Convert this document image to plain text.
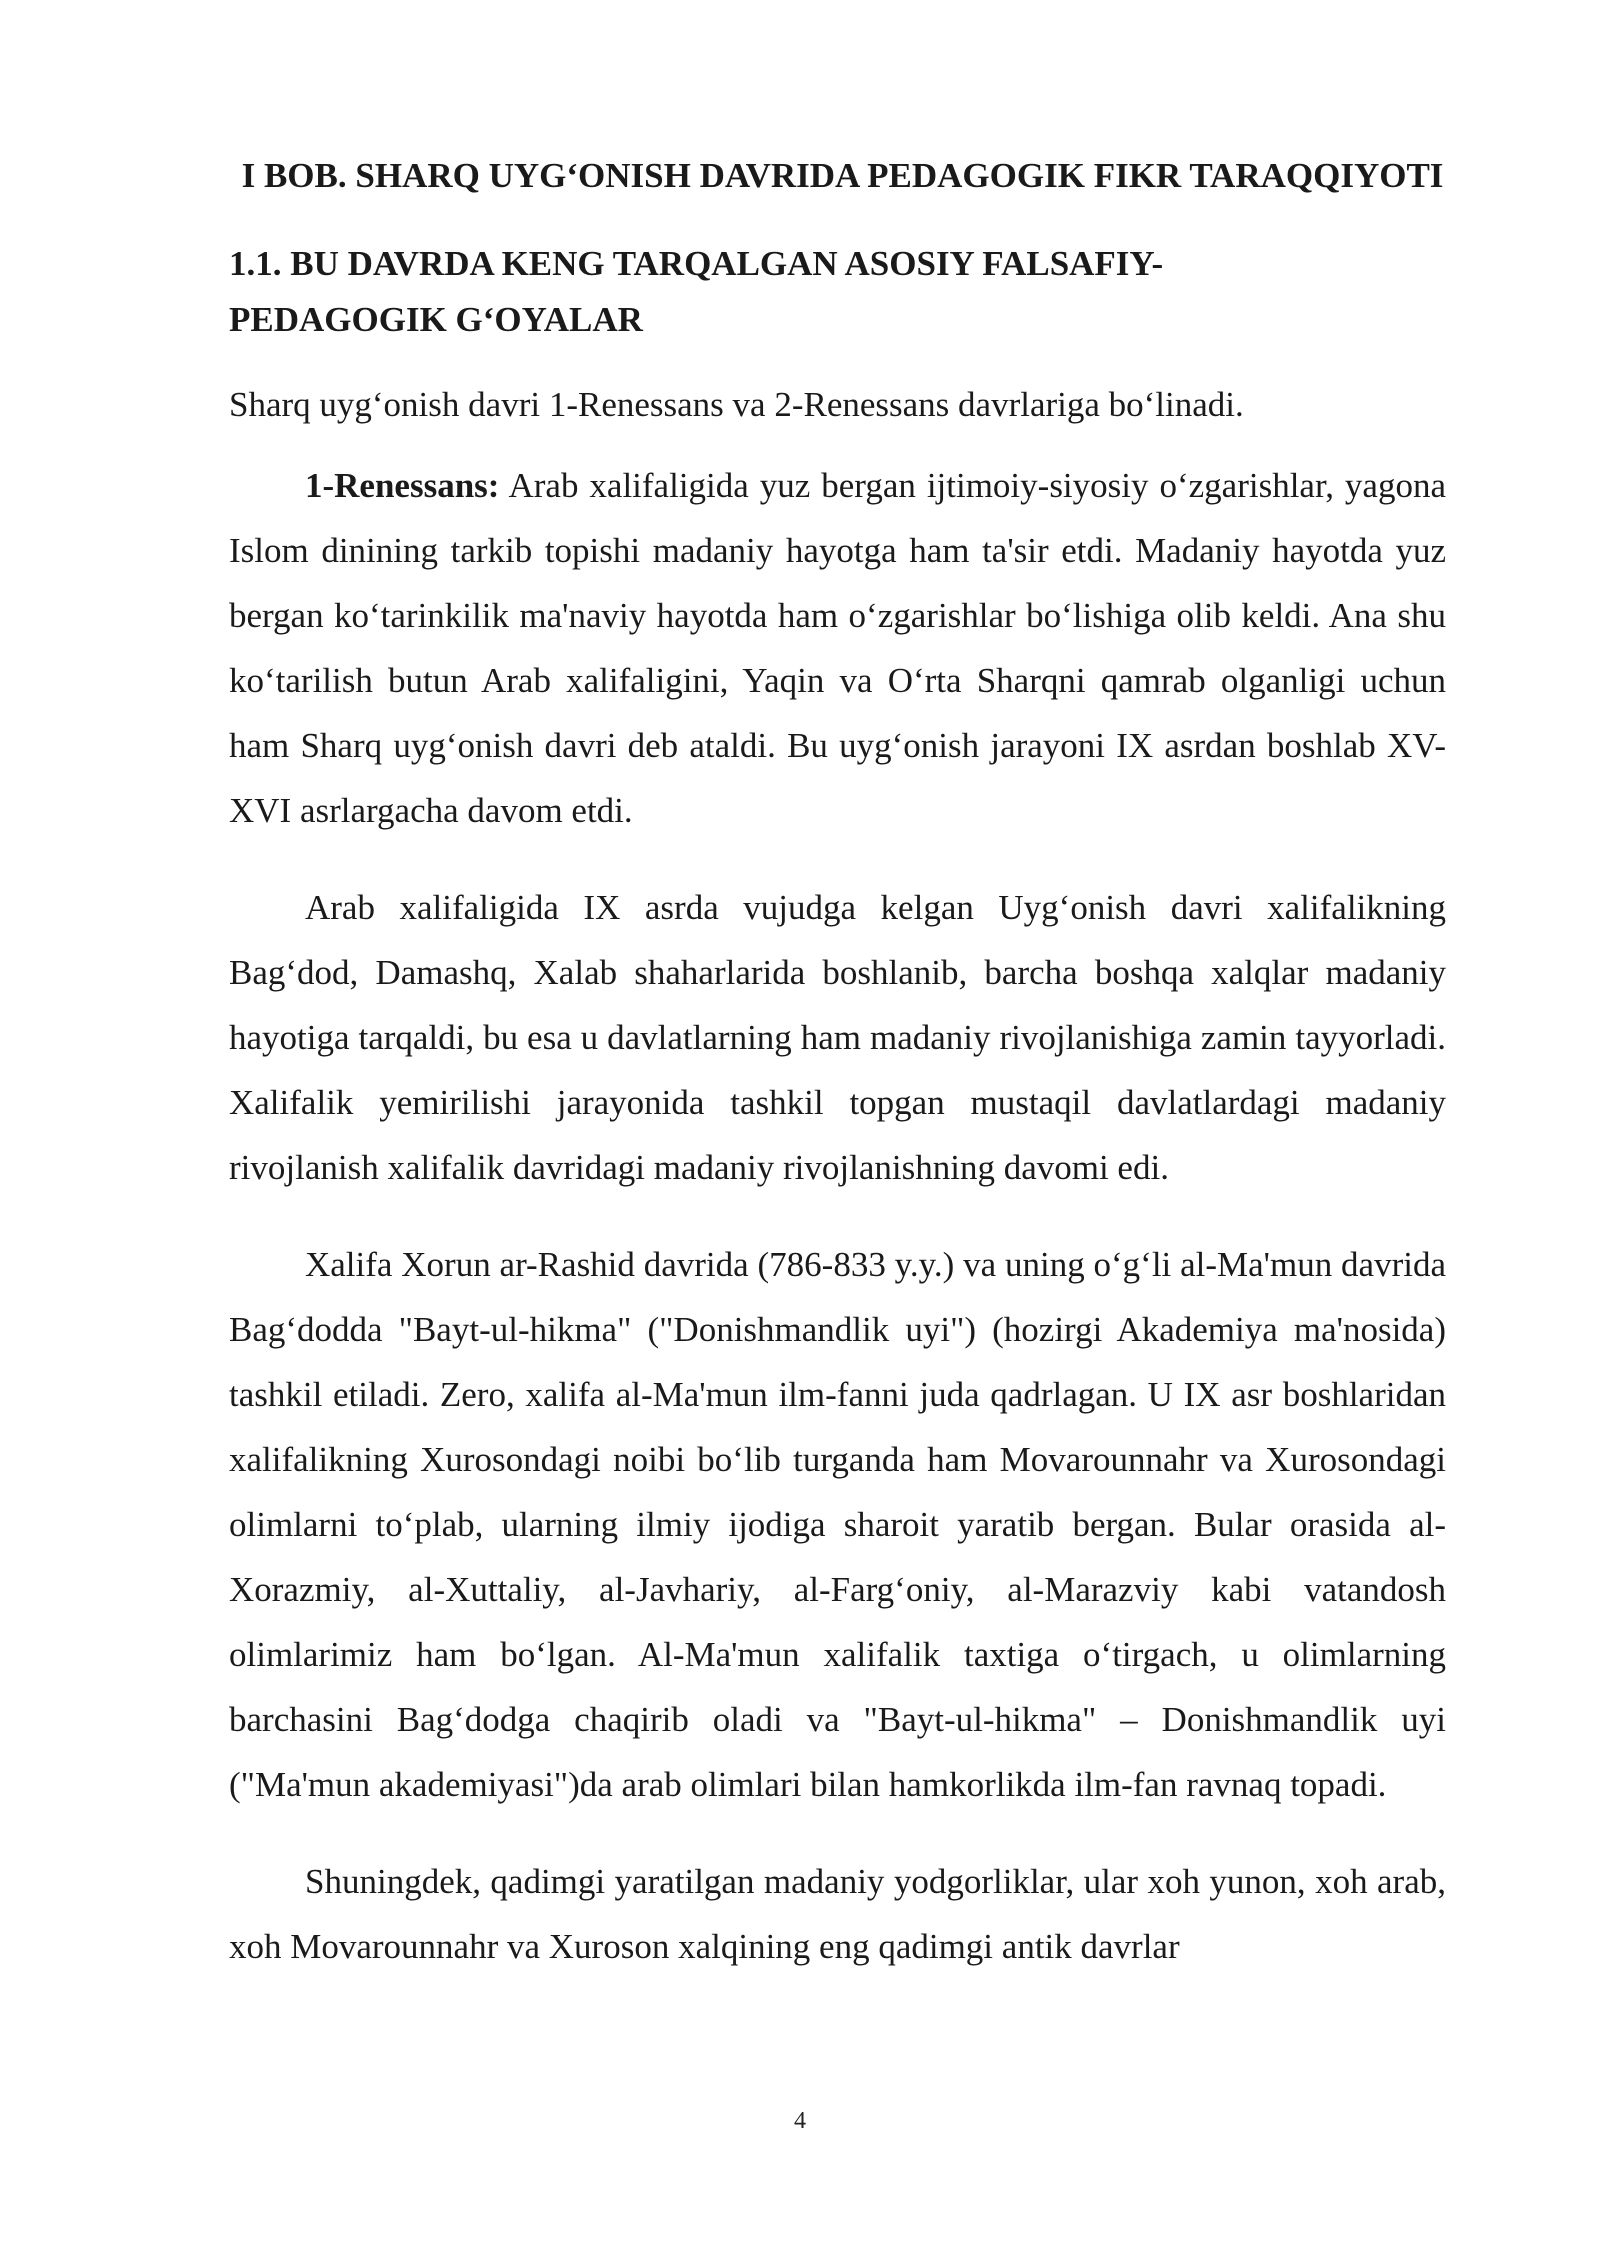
I BOB. SHARQ UYG‘ONISH DAVRIDA PEDAGOGIK FIKR TARAQQIYOTI
1.1. BU DAVRDA KENG TARQALGAN ASOSIY FALSAFIY-PEDAGOGIK G‘OYALAR

Sharq uyg‘onish davri 1-Renessans va 2-Renessans davrlariga bo‘linadi.

1-Renessans: Arab xalifaligida yuz bergan ijtimoiy-siyosiy o‘zgarishlar, yagona Islom dinining tarkib topishi madaniy hayotga ham ta'sir etdi. Madaniy hayotda yuz bergan ko‘tarinkilik ma'naviy hayotda ham o‘zgarishlar bo‘lishiga olib keldi. Ana shu ko‘tarilish butun Arab xalifaligini, Yaqin va O‘rta Sharqni qamrab olganligi uchun ham Sharq uyg‘onish davri deb ataldi. Bu uyg‘onish jarayoni IX asrdan boshlab XV-XVI asrlargacha davom etdi.

Arab xalifaligida IX asrda vujudga kelgan Uyg‘onish davri xalifalikning Bag‘dod, Damashq, Xalab shaharlarida boshlanib, barcha boshqa xalqlar madaniy hayotiga tarqaldi, bu esa u davlatlarning ham madaniy rivojlanishiga zamin tayyorladi. Xalifalik yemirilishi jarayonida tashkil topgan mustaqil davlatlardagi madaniy rivojlanish xalifalik davridagi madaniy rivojlanishning davomi edi.

Xalifa Xorun ar-Rashid davrida (786-833 y.y.) va uning o‘g‘li al-Ma'mun davrida Bag‘dodda "Bayt-ul-hikma" ("Donishmandlik uyi") (hozirgi Akademiya ma'nosida) tashkil etiladi. Zero, xalifa al-Ma'mun ilm-fanni juda qadrlagan. U IX asr boshlaridan xalifalikning Xurosondagi noibi bo‘lib turganda ham Movarounnahr va Xurosondagi olimlarni to‘plab, ularning ilmiy ijodiga sharoit yaratib bergan. Bular orasida al-Xorazmiy, al-Xuttaliy, al-Javhariy, al-Farg‘oniy, al-Marazviy kabi vatandosh olimlarimiz ham bo‘lgan. Al-Ma'mun xalifalik taxtiga o‘tirgach, u olimlarning barchasini Bag‘dodga chaqirib oladi va "Bayt-ul-hikma" – Donishmandlik uyi ("Ma'mun akademiyasi")da arab olimlari bilan hamkorlikda ilm-fan ravnaq topadi.

Shuningdek, qadimgi yaratilgan madaniy yodgorliklar, ular xoh yunon, xoh arab, xoh Movarounnahr va Xuroson xalqining eng qadimgi antik davrlar

4
